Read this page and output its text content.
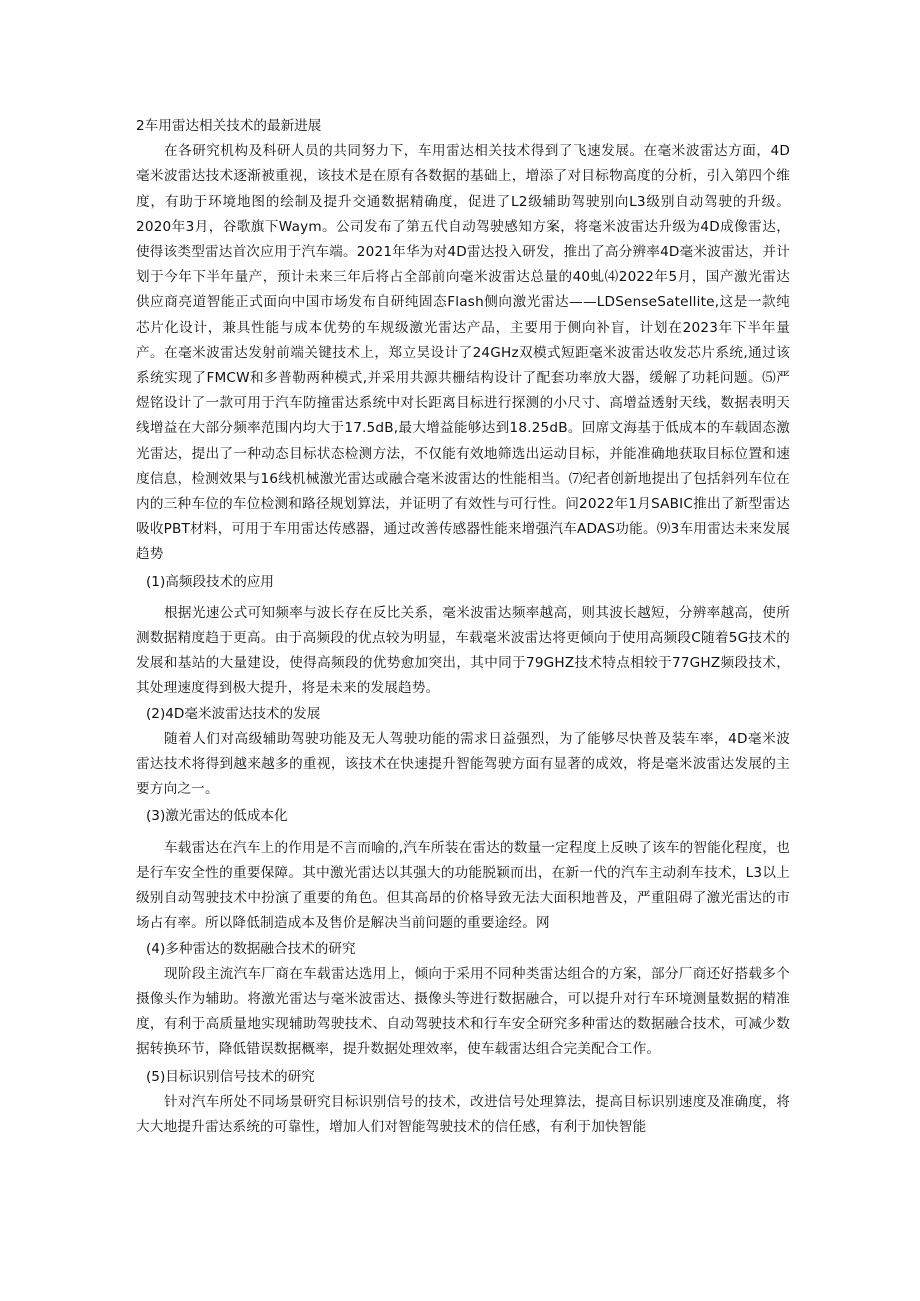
2车用雷达相关技术的最新进展

在各研究机构及科研人员的共同努力下，车用雷达相关技术得到了飞速发展。在毫米波雷达方面，4D毫米波雷达技术逐渐被重视，该技术是在原有各数据的基础上，增添了对目标物高度的分析，引入第四个维度，有助于环境地图的绘制及提升交通数据精确度，促进了L2级辅助驾驶别向L3级别自动驾驶的升级。2020年3月，谷歌旗下Waym。公司发布了第五代自动驾驶感知方案，将毫米波雷达升级为4D成像雷达，使得该类型雷达首次应用于汽车端。2021年华为对4D雷达投入研发，推出了高分辨率4D毫米波雷达，并计划于今年下半年量产，预计未来三年后将占全部前向毫米波雷达总量的40虬⑷2022年5月，国产激光雷达供应商亮道智能正式面向中国市场发布自研纯固态Flash侧向激光雷达——LDSenseSatellite,这是一款纯芯片化设计，兼具性能与成本优势的车规级激光雷达产品，主要用于侧向补盲，计划在2023年下半年量产。在毫米波雷达发射前端关键技术上，郑立昊设计了24GHz双模式短距毫米波雷达收发芯片系统,通过该系统实现了FMCW和多普勒两种模式,并采用共源共栅结构设计了配套功率放大器，缓解了功耗问题。⑸严煜铭设计了一款可用于汽车防撞雷达系统中对长距离目标进行探测的小尺寸、高增益透射天线，数据表明天线增益在大部分频率范围内均大于17.5dB,最大增益能够达到18.25dB。回席文海基于低成本的车载固态激光雷达，提出了一种动态目标状态检测方法，不仅能有效地筛选出运动目标，并能准确地获取目标位置和速度信息，检测效果与16线机械激光雷达或融合毫米波雷达的性能相当。⑺纪者创新地提出了包括斜列车位在内的三种车位的车位检测和路径规划算法，并证明了有效性与可行性。问2022年1月SABIC推出了新型雷达吸收PBT材料，可用于车用雷达传感器，通过改善传感器性能来增强汽车ADAS功能。⑼3车用雷达未来发展趋势

(1)高频段技术的应用

根据光速公式可知频率与波长存在反比关系，毫米波雷达频率越高，则其波长越短，分辨率越高，使所测数据精度趋于更高。由于高频段的优点较为明显，车载毫米波雷达将更倾向于使用高频段C随着5G技术的发展和基站的大量建设，使得高频段的优势愈加突出，其中同于79GHZ技术特点相较于77GHZ频段技术，其处理速度得到极大提升，将是未来的发展趋势。

(2)4D毫米波雷达技术的发展

随着人们对高级辅助驾驶功能及无人驾驶功能的需求日益强烈，为了能够尽快普及装车率，4D毫米波雷达技术将得到越来越多的重视，该技术在快速提升智能驾驶方面有显著的成效，将是毫米波雷达发展的主要方向之一。

(3)激光雷达的低成本化

车载雷达在汽车上的作用是不言而喻的,汽车所装在雷达的数量一定程度上反映了该车的智能化程度，也是行车安全性的重要保障。其中激光雷达以其强大的功能脱颖而出，在新一代的汽车主动刹车技术，L3以上级别自动驾驶技术中扮演了重要的角色。但其高昂的价格导致无法大面积地普及，严重阻碍了激光雷达的市场占有率。所以降低制造成本及售价是解决当前问题的重要途经。网

(4)多种雷达的数据融合技术的研究

现阶段主流汽车厂商在车载雷达选用上，倾向于采用不同种类雷达组合的方案，部分厂商还好搭载多个摄像头作为辅助。将激光雷达与毫米波雷达、摄像头等进行数据融合，可以提升对行车环境测量数据的精准度，有利于高质量地实现辅助驾驶技术、自动驾驶技术和行车安全研究多种雷达的数据融合技术，可减少数据转换环节，降低错误数据概率，提升数据处理效率，使车载雷达组合完美配合工作。

(5)目标识别信号技术的研究

针对汽车所处不同场景研究目标识别信号的技术，改进信号处理算法，提高目标识别速度及准确度，将大大地提升雷达系统的可靠性，增加人们对智能驾驶技术的信任感，有利于加快智能
